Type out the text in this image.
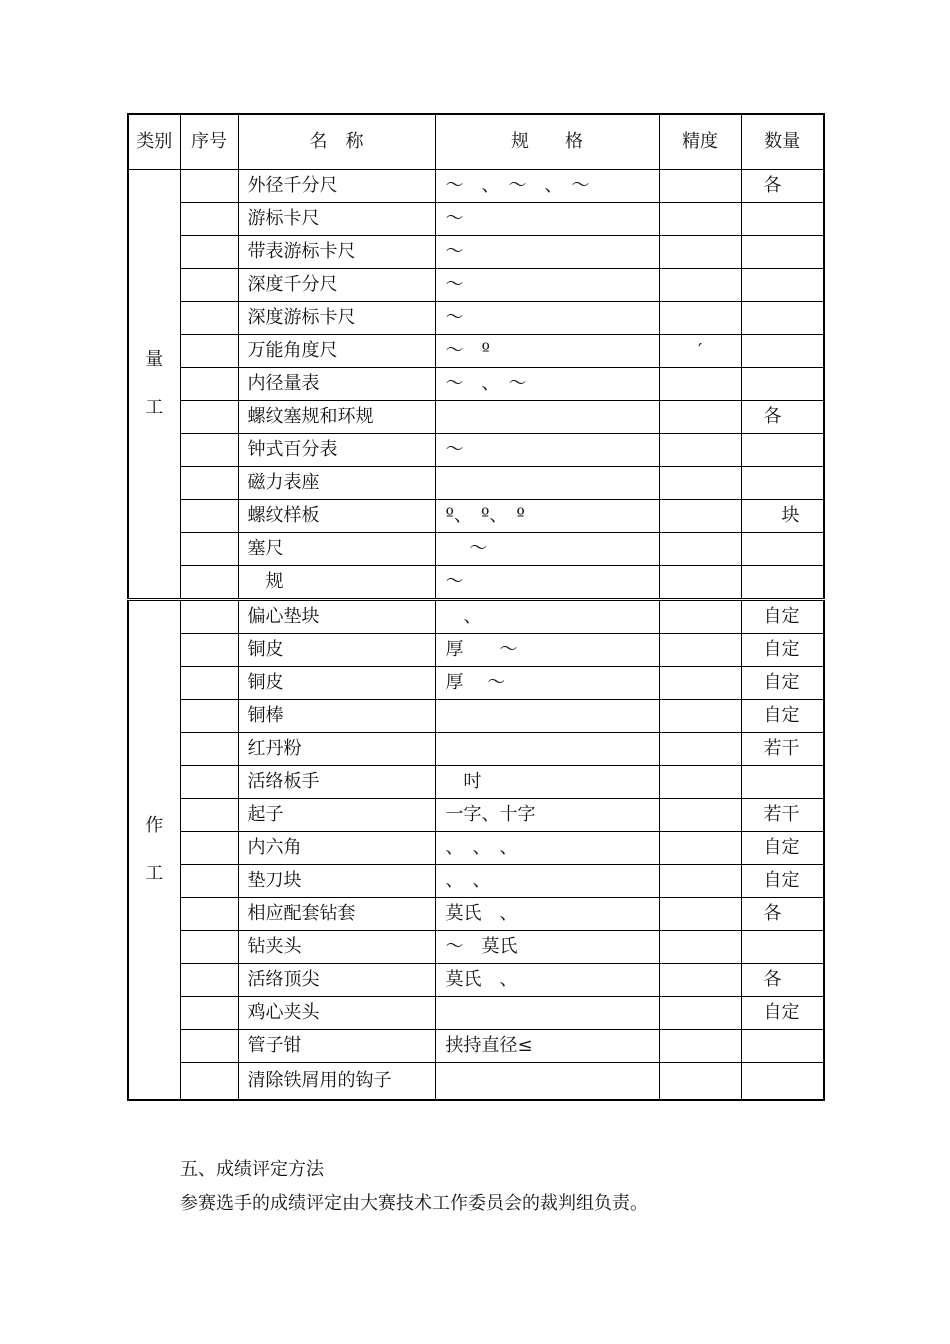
类别	序号	名　称	规　　格	精度	数量

量
工		外径千分尺	～　、　～　、　～		各
		游标卡尺	～		
		带表游标卡尺	～		
		深度千分尺	～		
		深度游标卡尺	～		
		万能角度尺	～　º	′	
		内径量表	～　、　～		
		螺纹塞规和环规			各
		钟式百分表	～		
		磁力表座			
		螺纹样板	º、　º、　º		　块
		塞尺	　 ～		
		　规	～		

作
工		偏心垫块	　、		自定
		铜皮	厚　　～		自定
		铜皮	厚　 ～		自定
		铜棒			自定
		红丹粉			若干
		活络板手	　吋		
		起子	一字、十字		若干
		内六角	、　、　、		自定
		垫刀块	、　、		自定
		相应配套钻套	莫氏　、		各
		钻夹头	～　莫氏		
		活络顶尖	莫氏　、		各
		鸡心夹头			自定
		管子钳	挟持直径≤		
		清除铁屑用的钩子			
五、成绩评定方法
参赛选手的成绩评定由大赛技术工作委员会的裁判组负责。
